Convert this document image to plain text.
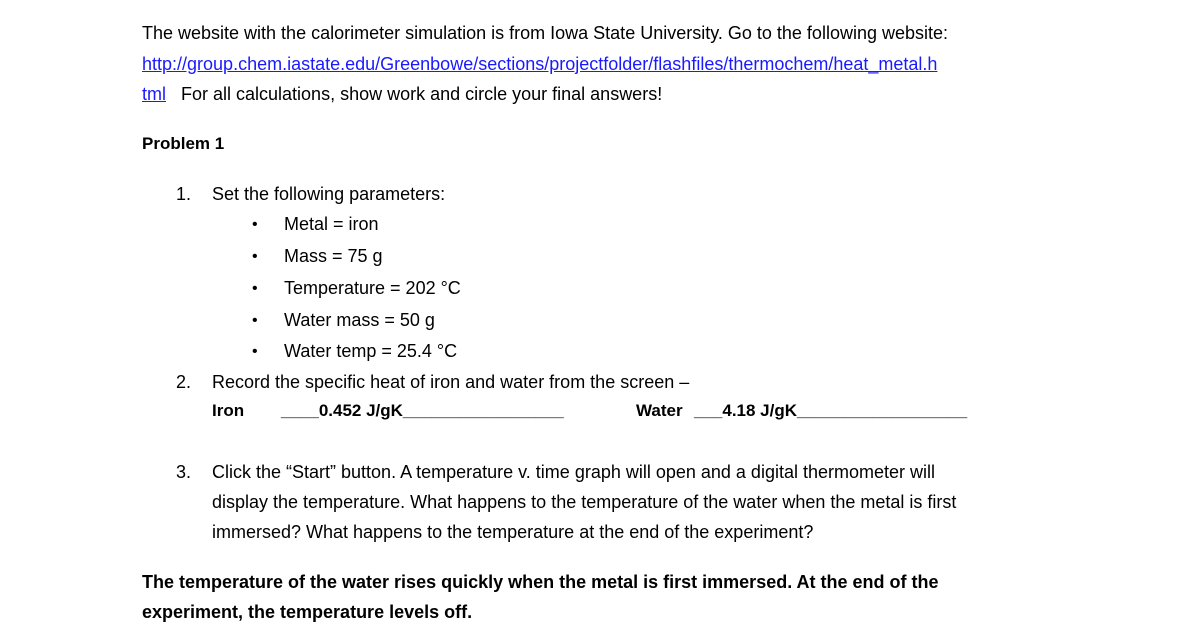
The website with the calorimeter simulation is from Iowa State University. Go to the following website:
http://group.chem.iastate.edu/Greenbowe/sections/projectfolder/flashfiles/thermochem/heat_metal.h
tml For all calculations, show work and circle your final answers!
Problem 1
1. Set the following parameters:
• Metal = iron
• Mass = 75 g
• Temperature = 202 °C
• Water mass = 50 g
• Water temp = 25.4 °C
2. Record the specific heat of iron and water from the screen –
Iron ____0.452 J/gK_________________	Water ___4.18 J/gK__________________
3. Click the “Start” button. A temperature v. time graph will open and a digital thermometer will
display the temperature. What happens to the temperature of the water when the metal is first
immersed? What happens to the temperature at the end of the experiment?
The temperature of the water rises quickly when the metal is first immersed. At the end of the
experiment, the temperature levels off.
